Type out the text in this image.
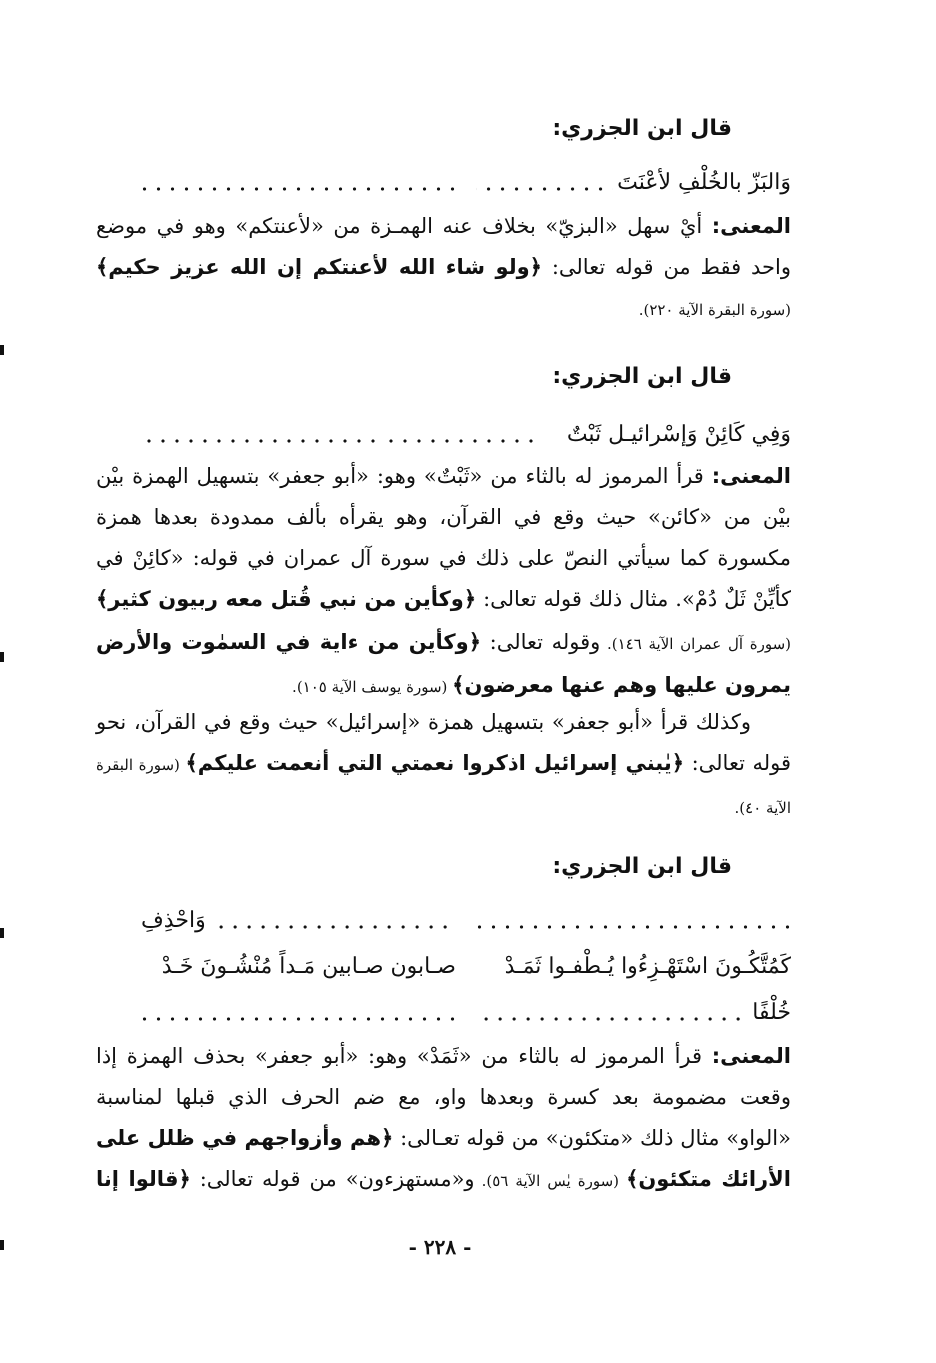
قال ابن الجزري:
وَالبَزّ بالخُلْفِ لأعْنَتَ
المعنى: أيْ سهل «البزيّ» بخلاف عنه الهمـزة من «لأعنتكم» وهو في موضع واحد فقط من قوله تعالى: ﴿ولو شاء الله لأعنتكم إن الله عزيز حكيم﴾ (سورة البقرة الآية ٢٢٠).
قال ابن الجزري:
وَفِي كَائِنْ وَإسْرائيـل ثَبْتٌ
المعنى: قرأ المرموز له بالثاء من «ثَبْتٌ» وهو: «أبو جعفر» بتسهيل الهمزة بيْن بيْن من «كائن» حيث وقع في القرآن، وهو يقرأه بألف ممدودة بعدها همزة مكسورة كما سيأتي النصّ على ذلك في سورة آل عمران في قوله: «كائِنْ في كأيِّنْ ثَلٌ دُمْ». مثال ذلك قوله تعالى: ﴿وكأين من نبي قُتل معه ربيون كثير﴾ (سورة آل عمران الآية ١٤٦). وقوله تعالى: ﴿وكأين من ءاية في السمٰوت والأرض يمرون عليها وهم عنها معرضون﴾ (سورة يوسف الآية ١٠٥).
وكذلك قرأ «أبو جعفر» بتسهيل همزة «إسرائيل» حيث وقع في القرآن، نحو قوله تعالى: ﴿يٰبني إسرائيل اذكروا نعمتي التي أنعمت عليكم﴾ (سورة البقرة الآية ٤٠).
قال ابن الجزري:
وَاحْذِفِ
كَمُتَّكُـونَ اسْتَهْـزِءُوا يُـطْفـوا ثَمَـدْ
صـابون صـابين مَـداً مُنْشُـونَ خَـدْ
خُلْفًا
المعنى: قرأ المرموز له بالثاء من «ثَمَدْ» وهو: «أبو جعفر» بحذف الهمزة إذا وقعت مضمومة بعد كسرة وبعدها واو، مع ضم الحرف الذي قبلها لمناسبة «الواو» مثال ذلك «متكئون» من قوله تعـالى: ﴿هم وأزواجهم في ظلل على الأرائك متكئون﴾ (سورة يٰس الآية ٥٦). و«مستهزءون» من قوله تعالى: ﴿قالوا إنا
- ٢٢٨ -
